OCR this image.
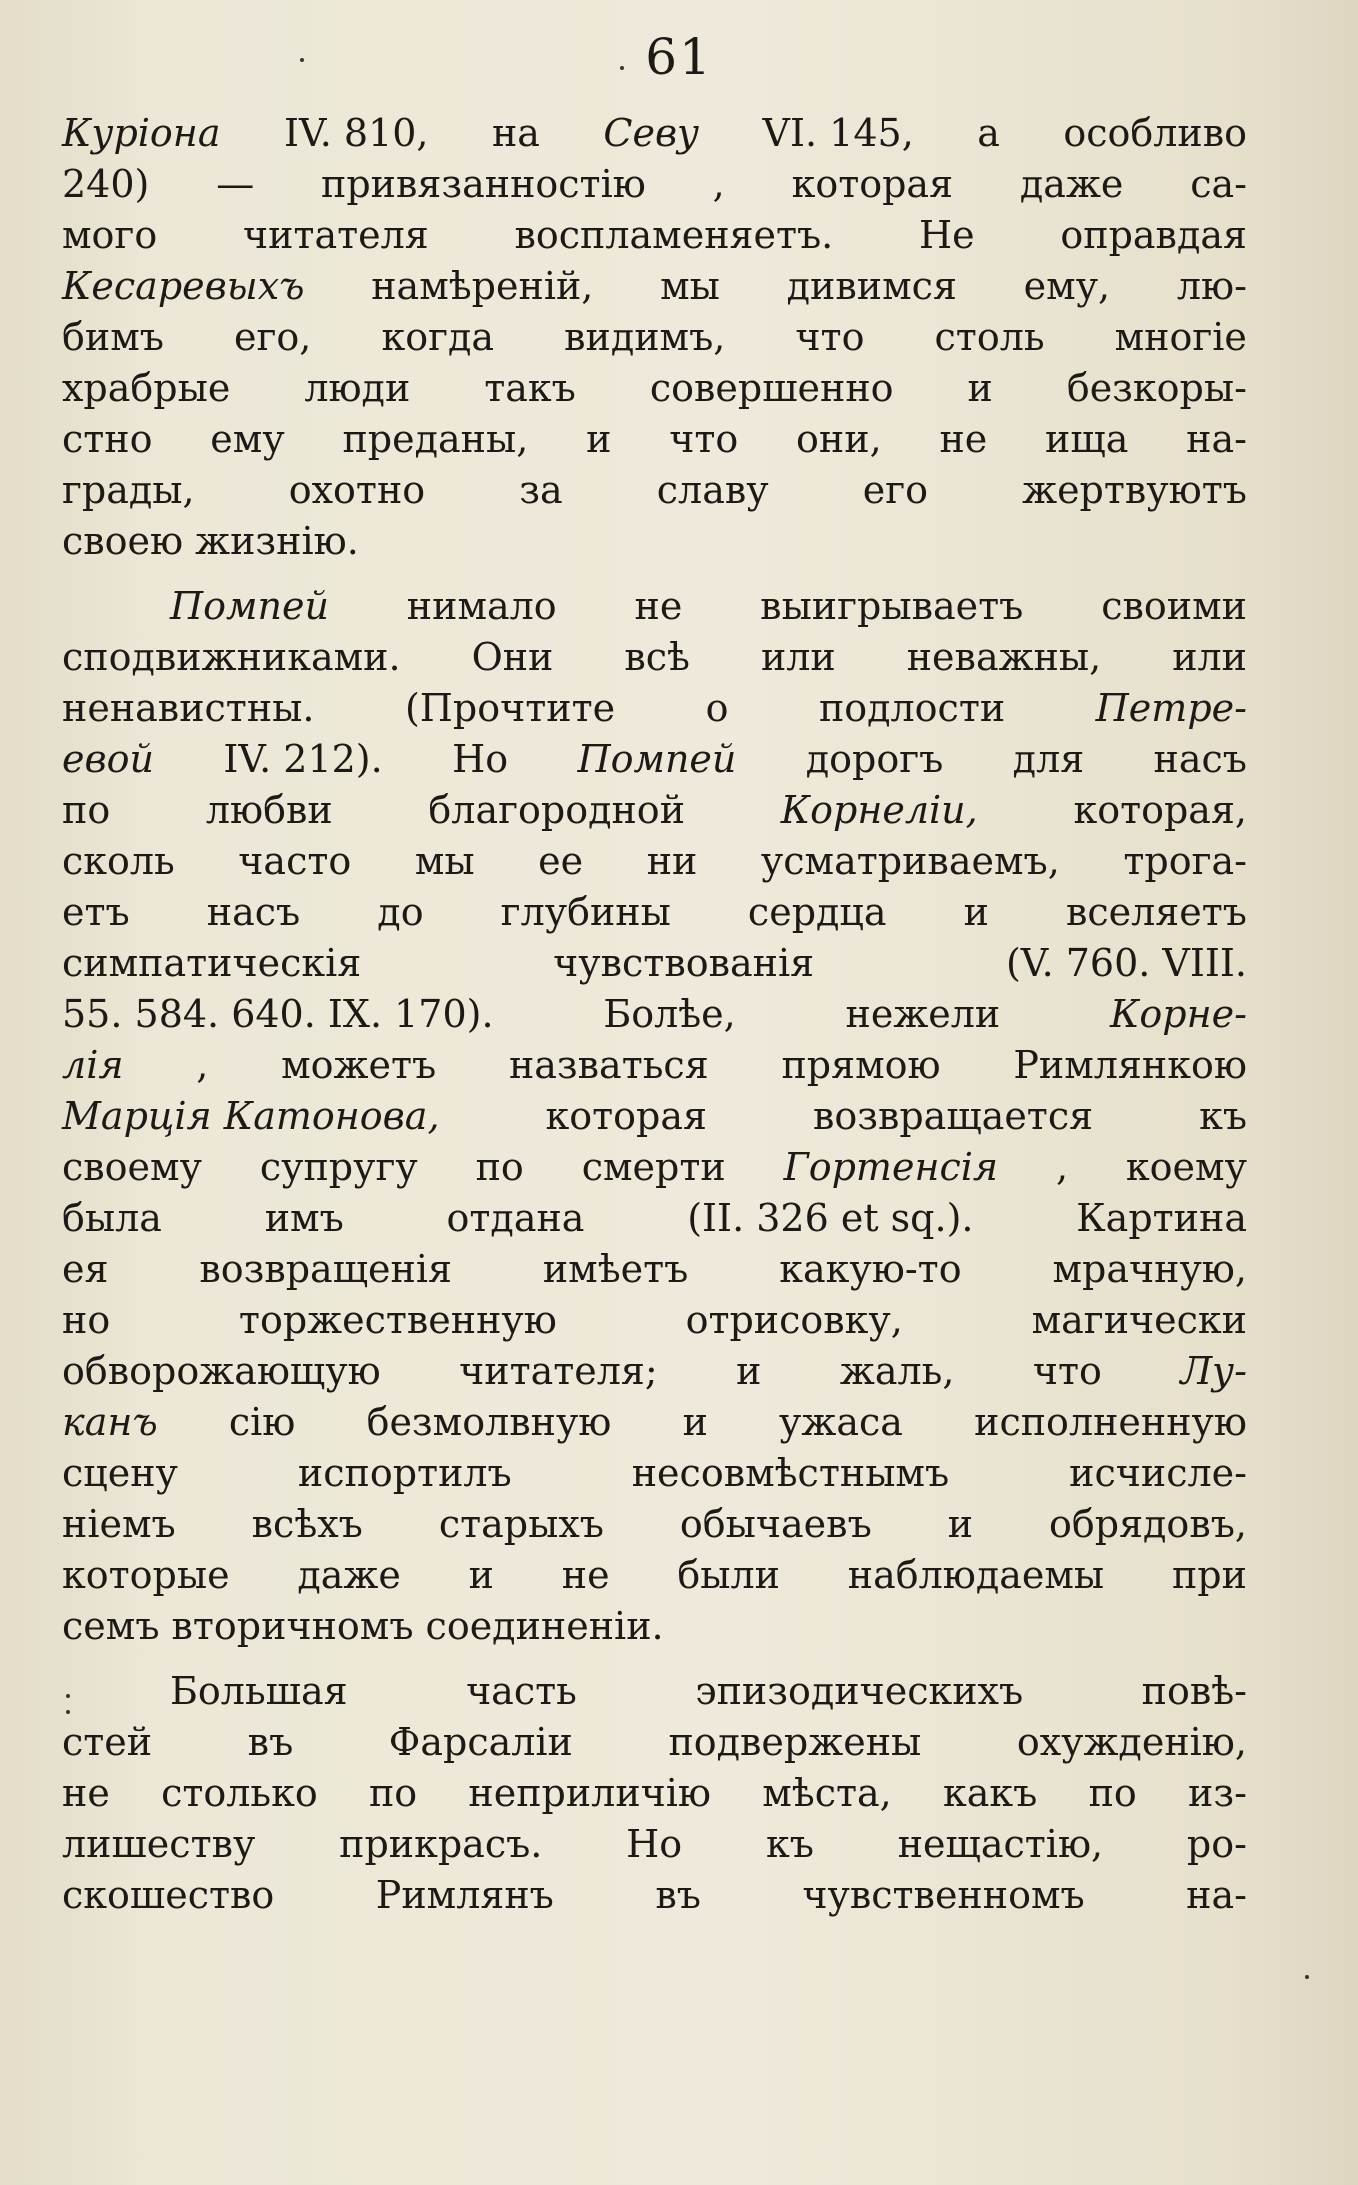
61
Куріона IV. 810, на Севу VI. 145, а особливо
240) — привязанностію , которая даже са-
мого читателя воспламеняетъ. Не оправдая
Кесаревыхъ намѣреній, мы дивимся ему, лю-
бимъ его, когда видимъ, что столь многіе
храбрые люди такъ совершенно и безкоры-
стно ему преданы, и что они, не ища на-
грады, охотно за славу его жертвуютъ
своею жизнію.
Помпей нимало не выигрываетъ своими
сподвижниками. Они всѣ или неважны, или
ненавистны. (Прочтите о подлости Петре-
евой IV. 212). Но Помпей дорогъ для насъ
по	любви	благородной	Корнеліи,	которая,
сколь часто мы ее ни усматриваемъ, трога-
етъ насъ до глубины сердца и вселяетъ
симпатическія	чувствованія	(V. 760. VIII.
55. 584. 640. IX. 170).	Болѣе,	нежели	Корне-
лія , можетъ назваться прямою Римлянкою
Марція Катонова,	которая	возвращается	къ
своему супругу по смерти Гортенсія , коему
была	имъ	отдана	(II. 326 et sq.).	Картина
ея возвращенія имѣетъ какую-то мрачную,
но	торжественную	отрисовку,	магически
обворожающую читателя; и жаль, что Лу-
канъ сію безмолвную и ужаса исполненную
сцену	испортилъ	несовмѣстнымъ	исчисле-
ніемъ всѣхъ старыхъ обычаевъ и обрядовъ,
которые даже и не были наблюдаемы при
семъ вторичномъ соединеніи.
Большая	часть	эпизодическихъ	повѣ-
стей	въ	Фарсаліи	подвержены	охужденію,
не столько по неприличію мѣста, какъ по из-
лишеству прикрасъ. Но къ нещастію, ро-
скошество	Римлянъ	въ	чувственномъ	на-
